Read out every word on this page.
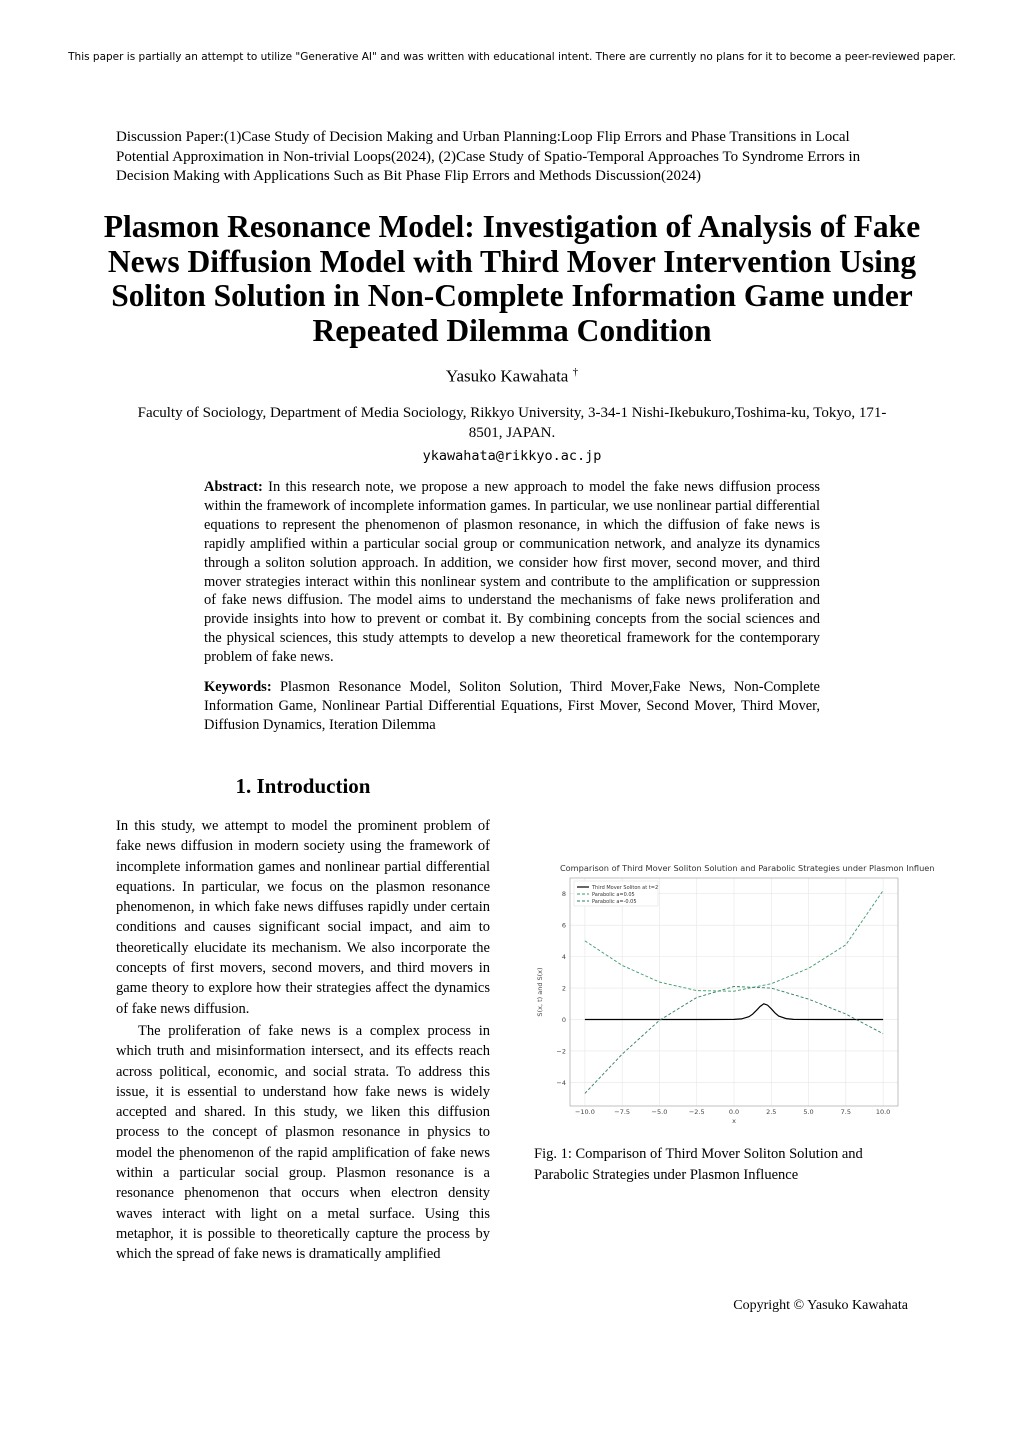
This paper is partially an attempt to utilize "Generative AI" and was written with educational intent. There are currently no plans for it to become a peer-reviewed paper.
Discussion Paper:(1)Case Study of Decision Making and Urban Planning:Loop Flip Errors and Phase Transitions in Local Potential Approximation in Non-trivial Loops(2024), (2)Case Study of Spatio-Temporal Approaches To Syndrome Errors in Decision Making with Applications Such as Bit Phase Flip Errors and Methods Discussion(2024)
Plasmon Resonance Model: Investigation of Analysis of Fake News Diffusion Model with Third Mover Intervention Using Soliton Solution in Non-Complete Information Game under Repeated Dilemma Condition
Yasuko Kawahata †
Faculty of Sociology, Department of Media Sociology, Rikkyo University, 3-34-1 Nishi-Ikebukuro,Toshima-ku, Tokyo, 171-8501, JAPAN.
ykawahata@rikkyo.ac.jp

Abstract: In this research note, we propose a new approach to model the fake news diffusion process within the framework of incomplete information games. In particular, we use nonlinear partial differential equations to represent the phenomenon of plasmon resonance, in which the diffusion of fake news is rapidly amplified within a particular social group or communication network, and analyze its dynamics through a soliton solution approach. In addition, we consider how first mover, second mover, and third mover strategies interact within this nonlinear system and contribute to the amplification or suppression of fake news diffusion. The model aims to understand the mechanisms of fake news proliferation and provide insights into how to prevent or combat it. By combining concepts from the social sciences and the physical sciences, this study attempts to develop a new theoretical framework for the contemporary problem of fake news.

Keywords: Plasmon Resonance Model, Soliton Solution, Third Mover,Fake News, Non-Complete Information Game, Nonlinear Partial Differential Equations, First Mover, Second Mover, Third Mover, Diffusion Dynamics, Iteration Dilemma

1. Introduction

In this study, we attempt to model the prominent problem of fake news diffusion in modern society using the framework of incomplete information games and nonlinear partial differential equations. In particular, we focus on the plasmon resonance phenomenon, in which fake news diffuses rapidly under certain conditions and causes significant social impact, and aim to theoretically elucidate its mechanism. We also incorporate the concepts of first movers, second movers, and third movers in game theory to explore how their strategies affect the dynamics of fake news diffusion.

The proliferation of fake news is a complex process in which truth and misinformation intersect, and its effects reach across political, economic, and social strata. To address this issue, it is essential to understand how fake news is widely accepted and shared. In this study, we liken this diffusion process to the concept of plasmon resonance in physics to model the phenomenon of the rapid amplification of fake news within a particular social group. Plasmon resonance is a resonance phenomenon that occurs when electron density waves interact with light on a metal surface. Using this metaphor, it is possible to theoretically capture the process by which the spread of fake news is dramatically amplified

−10.0	−7.5	−5.0	−2.5	0.0	2.5	5.0	7.5	10.0
−4
−2
0
2
4
6
8
x
S(x, t) and S(x)
Comparison of Third Mover Soliton Solution and Parabolic Strategies under Plasmon Influence
Third Mover Soliton at t=2
Parabolic a=0.05
Parabolic a=-0.05

Fig. 1: Comparison of Third Mover Soliton Solution and Parabolic Strategies under Plasmon Influence

Copyright © Yasuko Kawahata
